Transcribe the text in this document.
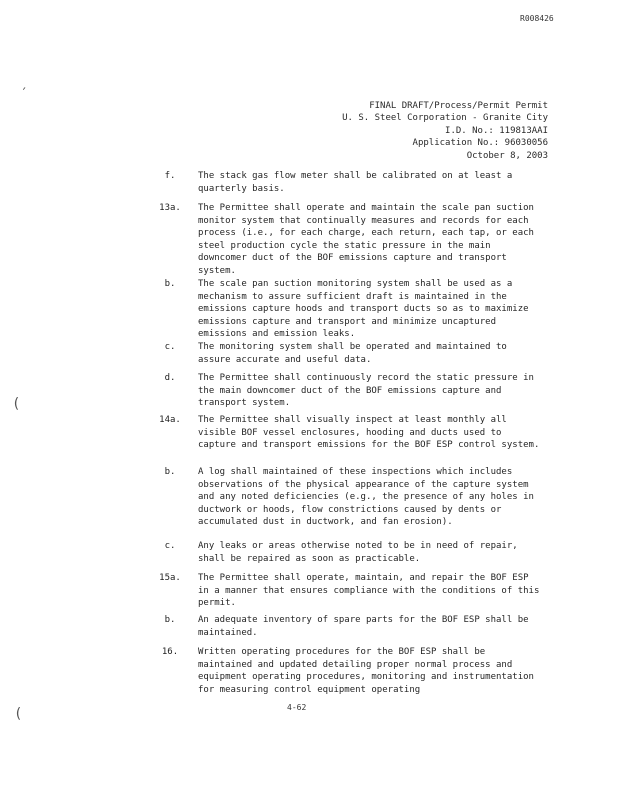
R008426
′
(
(
FINAL DRAFT/Process/Permit Permit
U. S. Steel Corporation - Granite City
I.D. No.: 119813AAI
Application No.: 96030056
October 8, 2003
f.	The stack gas flow meter shall be calibrated on at least a quarterly basis.
13a.	The Permittee shall operate and maintain the scale pan suction monitor system that continually measures and records for each process (i.e., for each charge, each return, each tap, or each steel production cycle the static pressure in the main downcomer duct of the BOF emissions capture and transport system.
b.	The scale pan suction monitoring system shall be used as a mechanism to assure sufficient draft is maintained in the emissions capture hoods and transport ducts so as to maximize emissions capture and transport and minimize uncaptured emissions and emission leaks.
c.	The monitoring system shall be operated and maintained to assure accurate and useful data.
d.	The Permittee shall continuously record the static pressure in the main downcomer duct of the BOF emissions capture and transport system.
14a.	The Permittee shall visually inspect at least monthly all visible BOF vessel enclosures, hooding and ducts used to capture and transport emissions for the BOF ESP control system.
b.	A log shall maintained of these inspections which includes observations of the physical appearance of the capture system and any noted deficiencies (e.g., the presence of any holes in ductwork or hoods, flow constrictions caused by dents or accumulated dust in ductwork, and fan erosion).
c.	Any leaks or areas otherwise noted to be in need of repair, shall be repaired as soon as practicable.
15a.	The Permittee shall operate, maintain, and repair the BOF ESP in a manner that ensures compliance with the conditions of this permit.
b.	An adequate inventory of spare parts for the BOF ESP shall be maintained.
16.	Written operating procedures for the BOF ESP shall be maintained and updated detailing proper normal process and equipment operating procedures, monitoring and instrumentation for measuring control equipment operating
4-62
